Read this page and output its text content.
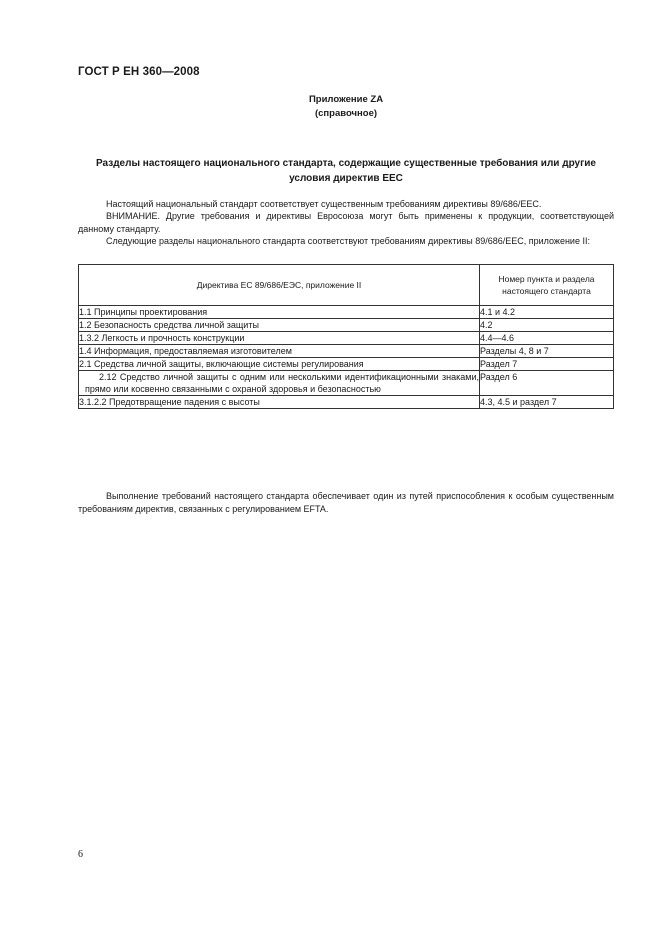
ГОСТ Р ЕН 360—2008
Приложение ZA
(справочное)
Разделы настоящего национального стандарта, содержащие существенные требования или другие условия директив ЕЕС
Настоящий национальный стандарт соответствует существенным требованиям директивы 89/686/ЕЕС.
ВНИМАНИЕ. Другие требования и директивы Евросоюза могут быть применены к продукции, соответствующей данному стандарту.
Следующие разделы национального стандарта соответствуют требованиям директивы 89/686/ЕЕС, приложение II:
Директива ЕС 89/686/ЕЭС, приложение II	Номер пункта и раздела настоящего стандарта
1.1 Принципы проектирования	4.1 и 4.2
1.2 Безопасность средства личной защиты	4.2
1.3.2 Легкость и прочность конструкции	4.4—4.6
1.4 Информация, предоставляемая изготовителем	Разделы 4, 8 и 7
2.1 Средства личной защиты, включающие системы регулирования	Раздел 7
2.12 Средство личной защиты с одним или несколькими идентификационными знаками, прямо или косвенно связанными с охраной здоровья и безопасностью	Раздел 6
3.1.2.2 Предотвращение падения с высоты	4.3, 4.5 и раздел 7
Выполнение требований настоящего стандарта обеспечивает один из путей приспособления к особым существенным требованиям директив, связанных с регулированием EFTA.
6
